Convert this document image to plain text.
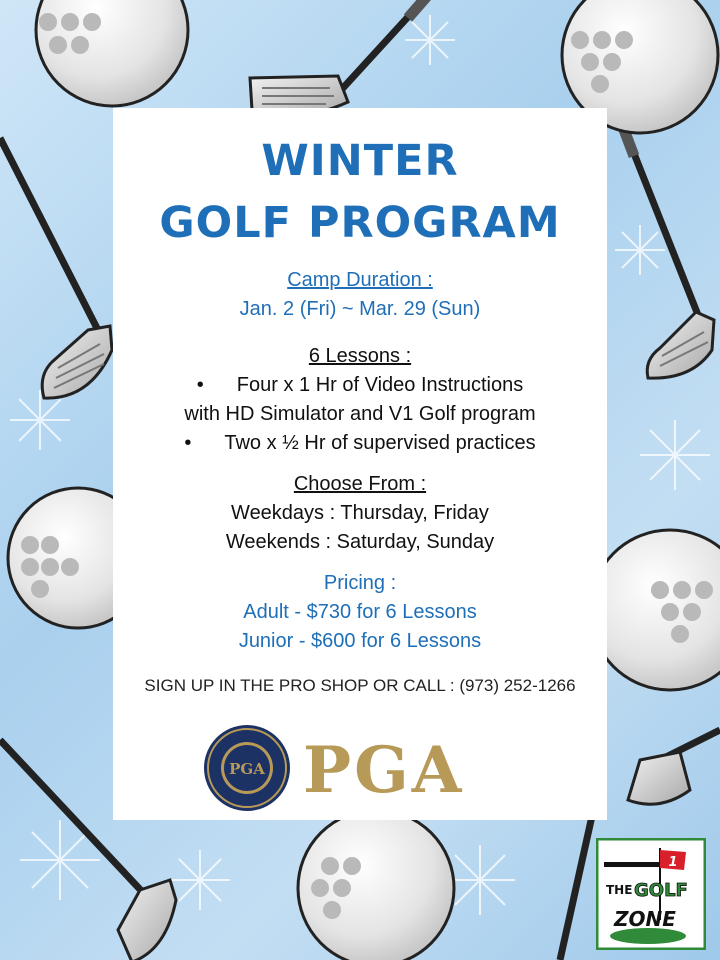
WINTER
GOLF PROGRAM

Camp Duration :

Jan. 2 (Fri) ~ Mar. 29 (Sun)

6 Lessons :

• Four x 1 Hr of Video Instructions

with HD Simulator and V1 Golf program

• Two x ½ Hr of supervised practices

Choose From :

Weekdays : Thursday, Friday

Weekends : Saturday, Sunday

Pricing :

Adult - $730 for 6 Lessons

Junior - $600 for 6 Lessons

SIGN UP IN THE PRO SHOP OR CALL : (973) 252-1266

PGA PGA
1
THE GOLF
ZONE
